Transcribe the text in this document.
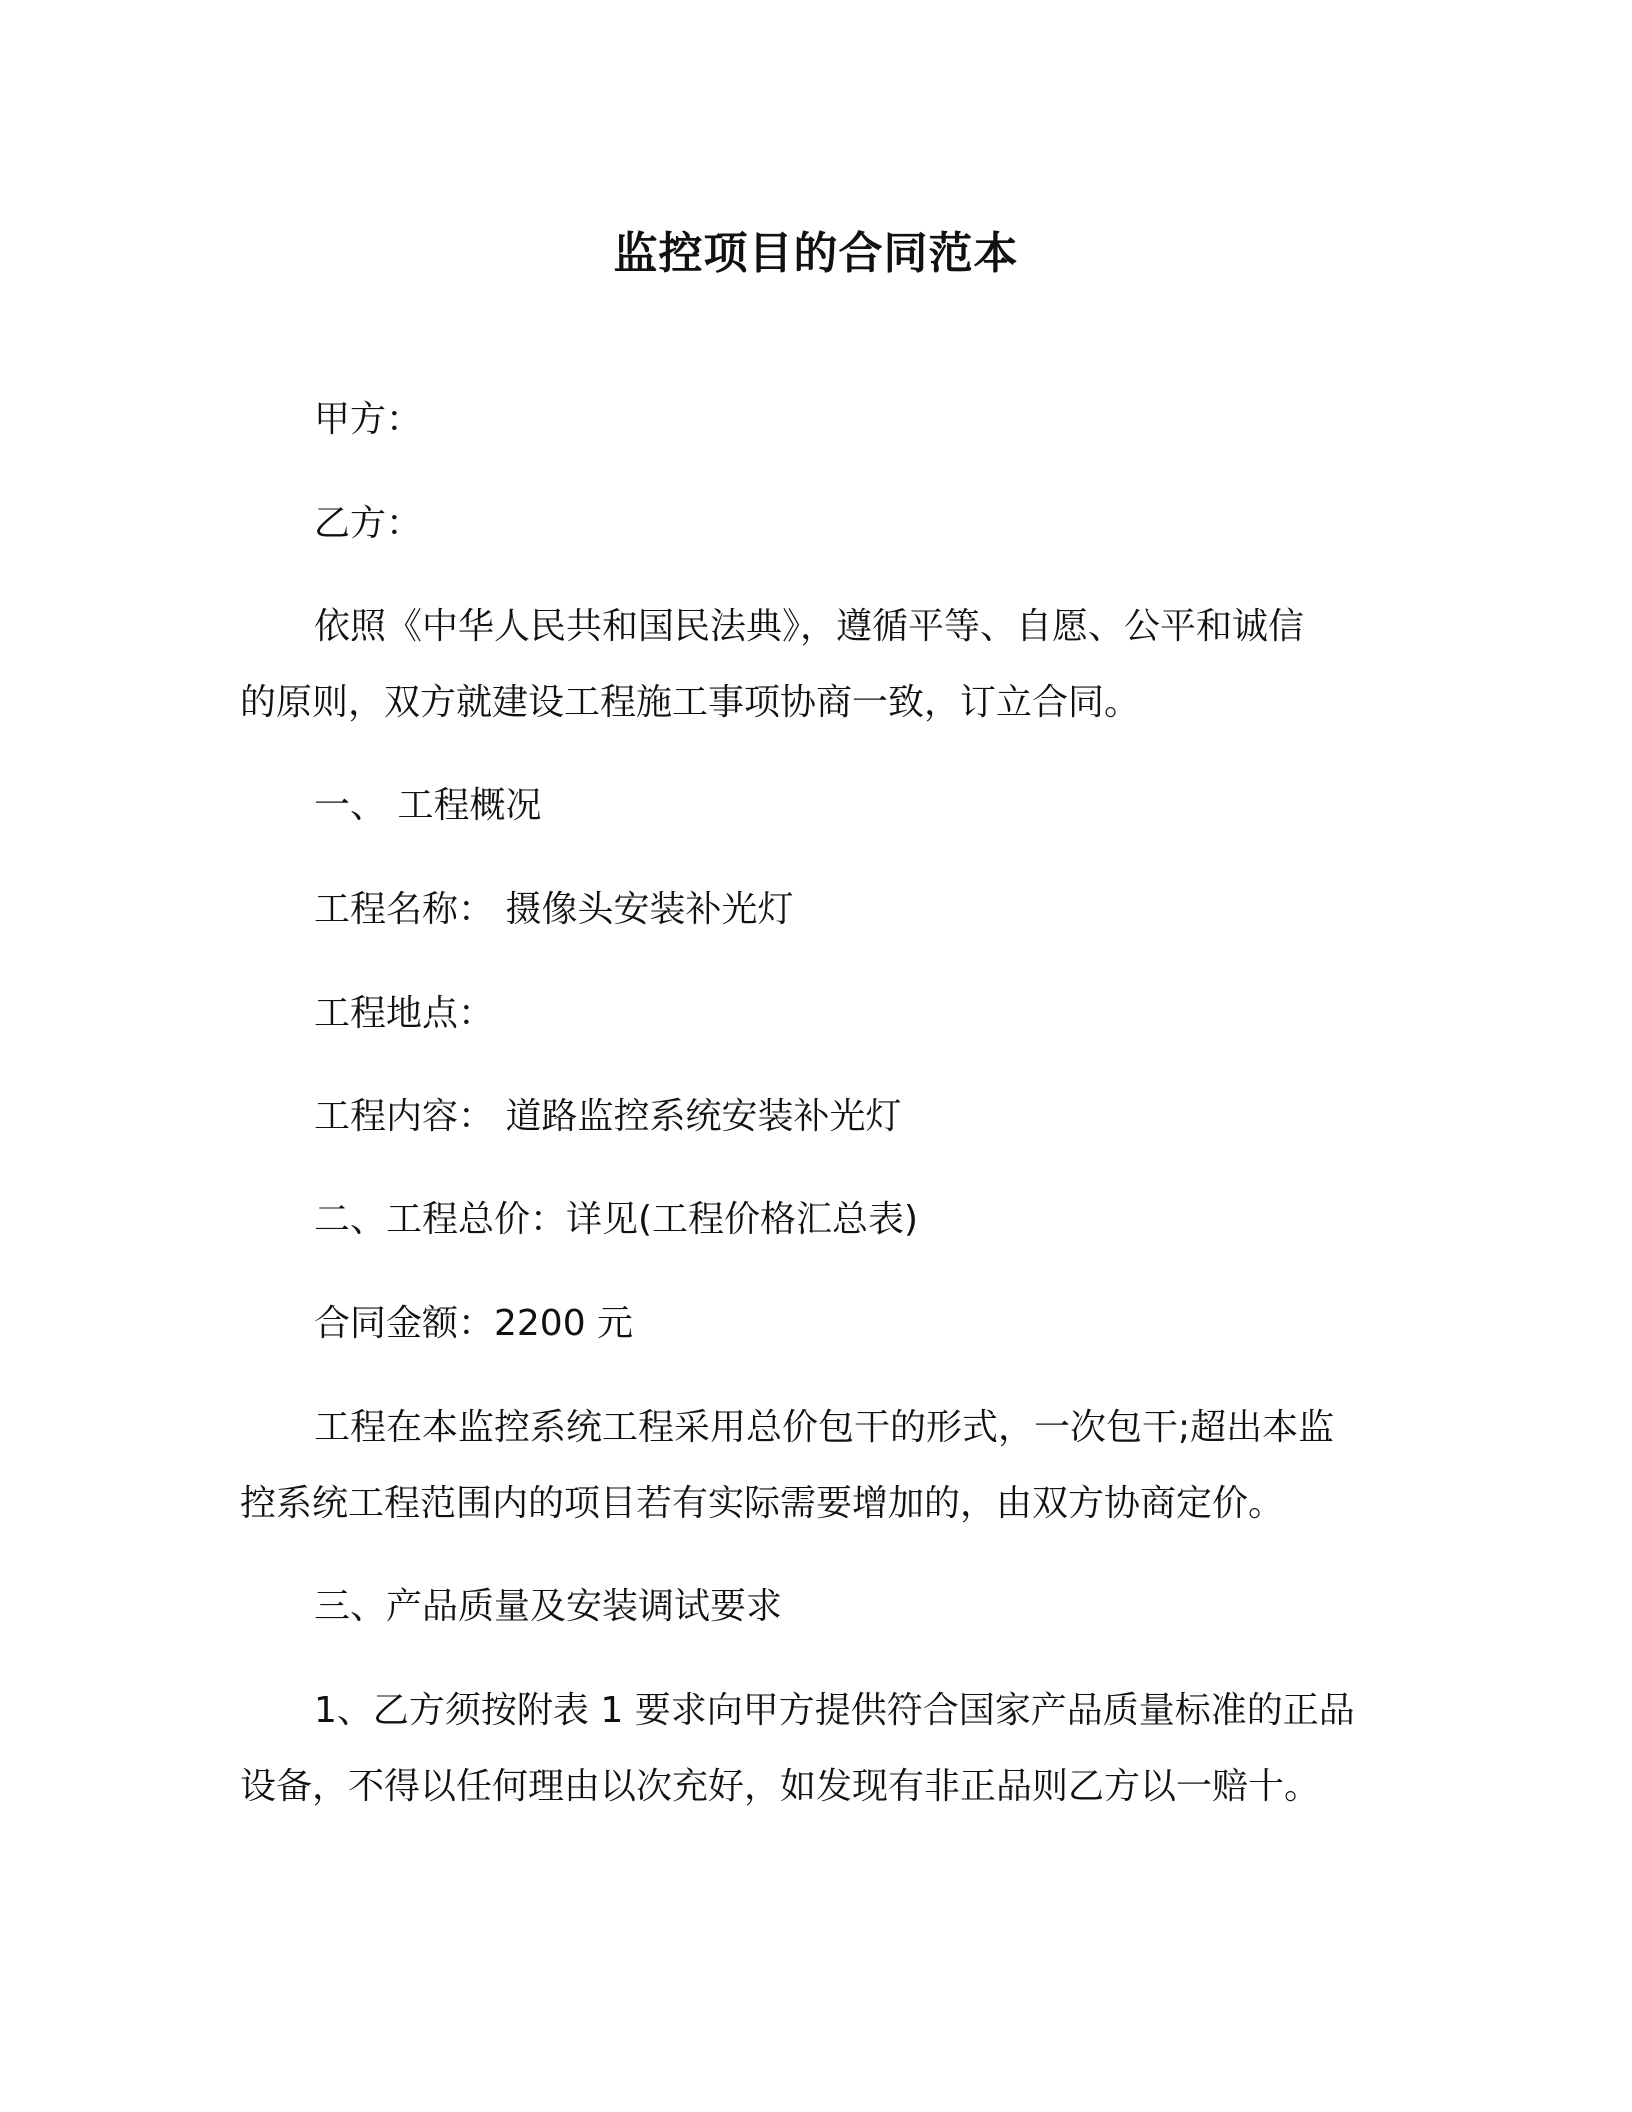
监控项目的合同范本

甲方：

乙方：

依照《中华人民共和国民法典》，遵循平等、自愿、公平和诚信

的原则，双方就建设工程施工事项协商一致，订立合同。

一、 工程概况

工程名称： 摄像头安装补光灯

工程地点：

工程内容： 道路监控系统安装补光灯

二、工程总价：详见(工程价格汇总表)

合同金额：2200 元

工程在本监控系统工程采用总价包干的形式，一次包干;超出本监

控系统工程范围内的项目若有实际需要增加的，由双方协商定价。

三、产品质量及安装调试要求

1、乙方须按附表 1 要求向甲方提供符合国家产品质量标准的正品

设备，不得以任何理由以次充好，如发现有非正品则乙方以一赔十。
